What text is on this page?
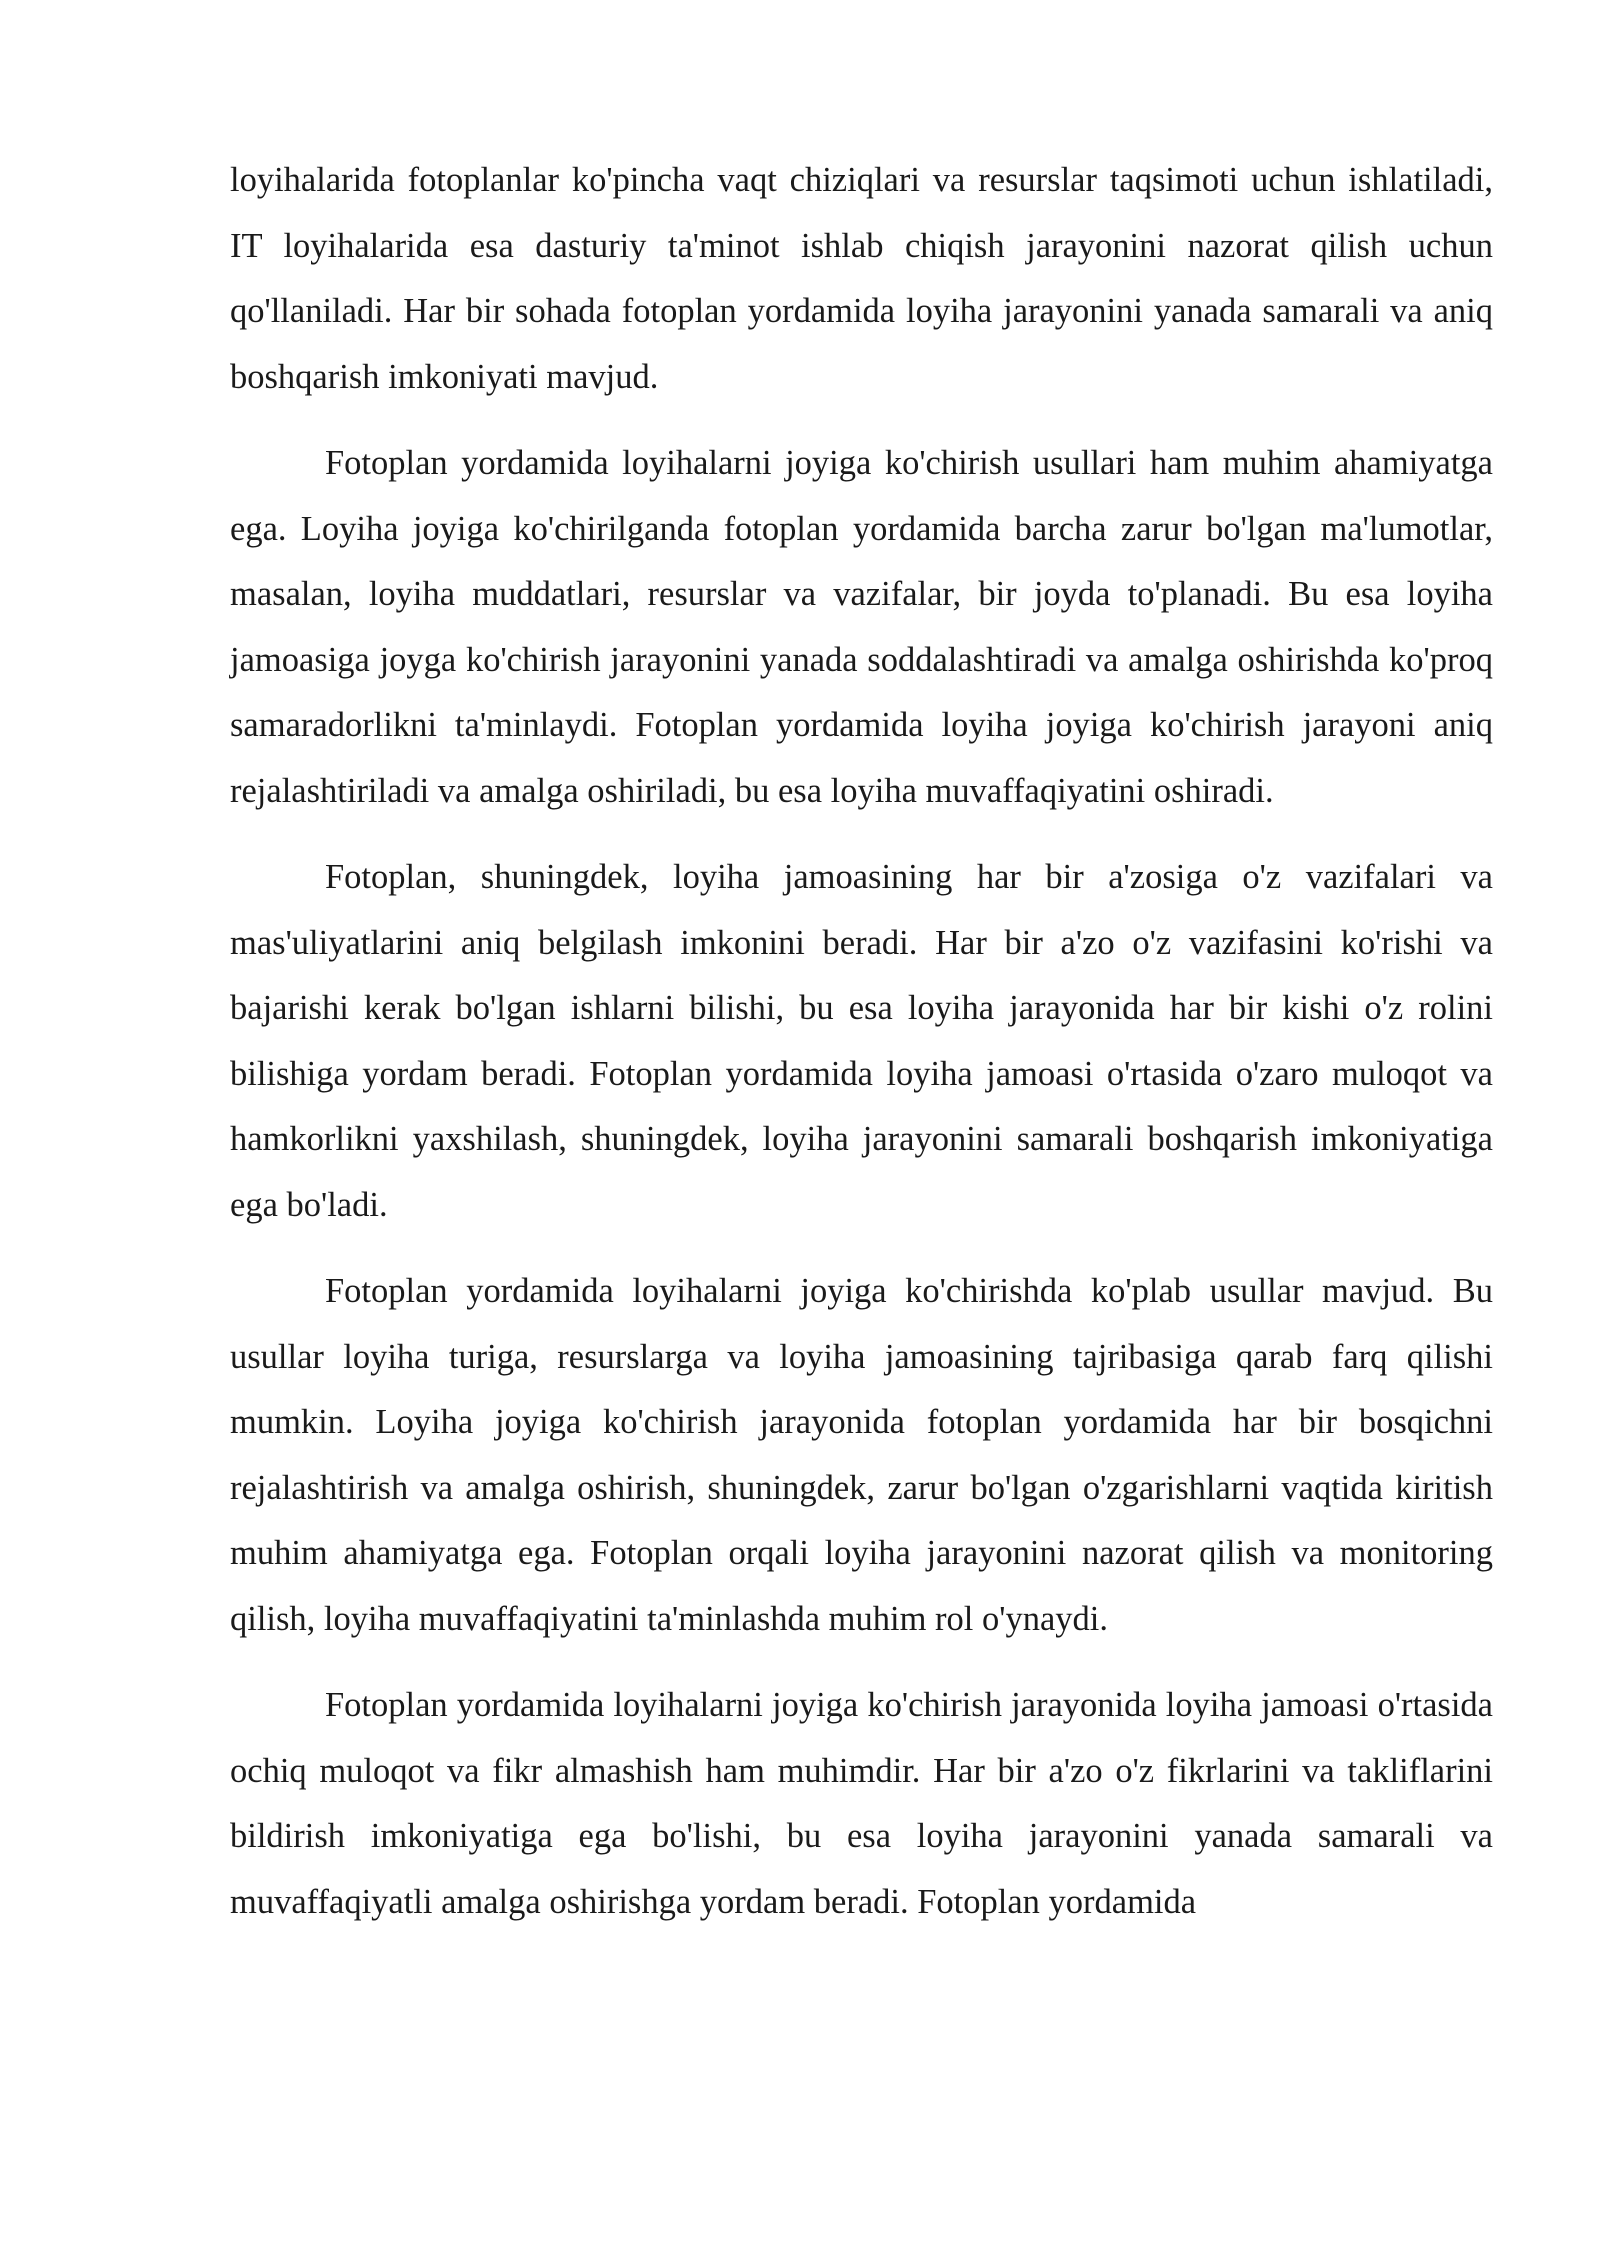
loyihalarida fotoplanlar ko'pincha vaqt chiziqlari va resurslar taqsimoti uchun ishlatiladi, IT loyihalarida esa dasturiy ta'minot ishlab chiqish jarayonini nazorat qilish uchun qo'llaniladi. Har bir sohada fotoplan yordamida loyiha jarayonini yanada samarali va aniq boshqarish imkoniyati mavjud.

Fotoplan yordamida loyihalarni joyiga ko'chirish usullari ham muhim ahamiyatga ega. Loyiha joyiga ko'chirilganda fotoplan yordamida barcha zarur bo'lgan ma'lumotlar, masalan, loyiha muddatlari, resurslar va vazifalar, bir joyda to'planadi. Bu esa loyiha jamoasiga joyga ko'chirish jarayonini yanada soddalashtiradi va amalga oshirishda ko'proq samaradorlikni ta'minlaydi. Fotoplan yordamida loyiha joyiga ko'chirish jarayoni aniq rejalashtiriladi va amalga oshiriladi, bu esa loyiha muvaffaqiyatini oshiradi.

Fotoplan, shuningdek, loyiha jamoasining har bir a'zosiga o'z vazifalari va mas'uliyatlarini aniq belgilash imkonini beradi. Har bir a'zo o'z vazifasini ko'rishi va bajarishi kerak bo'lgan ishlarni bilishi, bu esa loyiha jarayonida har bir kishi o'z rolini bilishiga yordam beradi. Fotoplan yordamida loyiha jamoasi o'rtasida o'zaro muloqot va hamkorlikni yaxshilash, shuningdek, loyiha jarayonini samarali boshqarish imkoniyatiga ega bo'ladi.

Fotoplan yordamida loyihalarni joyiga ko'chirishda ko'plab usullar mavjud. Bu usullar loyiha turiga, resurslarga va loyiha jamoasining tajribasiga qarab farq qilishi mumkin. Loyiha joyiga ko'chirish jarayonida fotoplan yordamida har bir bosqichni rejalashtirish va amalga oshirish, shuningdek, zarur bo'lgan o'zgarishlarni vaqtida kiritish muhim ahamiyatga ega. Fotoplan orqali loyiha jarayonini nazorat qilish va monitoring qilish, loyiha muvaffaqiyatini ta'minlashda muhim rol o'ynaydi.

Fotoplan yordamida loyihalarni joyiga ko'chirish jarayonida loyiha jamoasi o'rtasida ochiq muloqot va fikr almashish ham muhimdir. Har bir a'zo o'z fikrlarini va takliflarini bildirish imkoniyatiga ega bo'lishi, bu esa loyiha jarayonini yanada samarali va muvaffaqiyatli amalga oshirishga yordam beradi. Fotoplan yordamida
